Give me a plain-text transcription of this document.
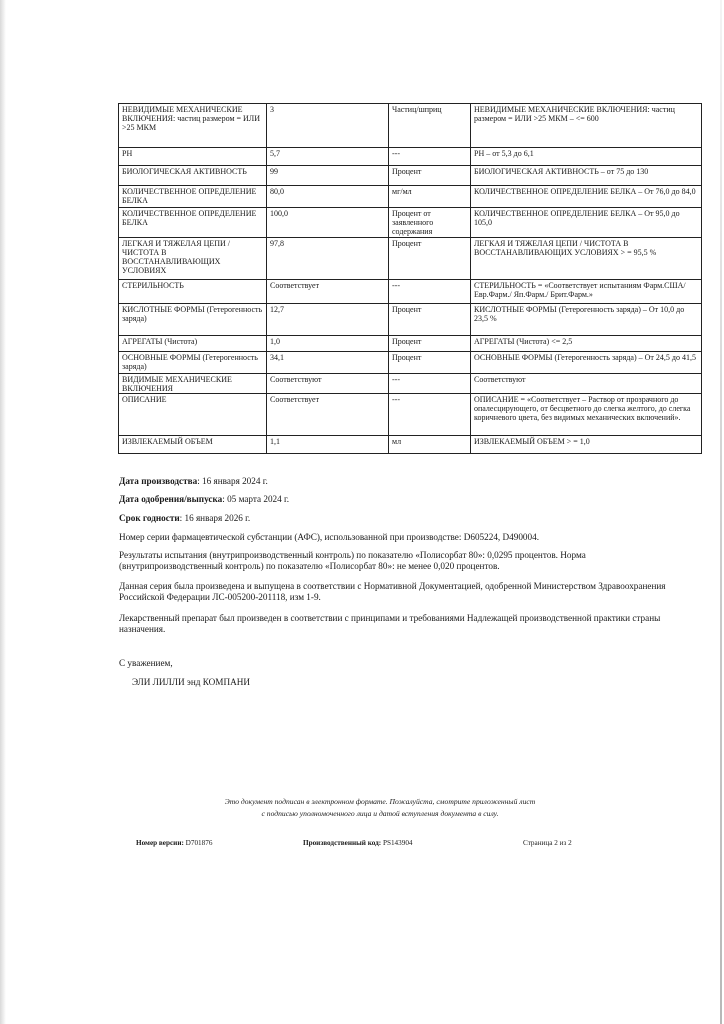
НЕВИДИМЫЕ МЕХАНИЧЕСКИЕ ВКЛЮЧЕНИЯ: частиц размером = ИЛИ >25 МКМ	3	Частиц/шприц	НЕВИДИМЫЕ МЕХАНИЧЕСКИЕ ВКЛЮЧЕНИЯ: частиц размером = ИЛИ >25 МКМ – <= 600
PH	5,7	---	PH – от 5,3 до 6,1
БИОЛОГИЧЕСКАЯ АКТИВНОСТЬ	99	Процент	БИОЛОГИЧЕСКАЯ АКТИВНОСТЬ – от 75 до 130
КОЛИЧЕСТВЕННОЕ ОПРЕДЕЛЕНИЕ БЕЛКА	80,0	мг/мл	КОЛИЧЕСТВЕННОЕ ОПРЕДЕЛЕНИЕ БЕЛКА – От 76,0 до 84,0
КОЛИЧЕСТВЕННОЕ ОПРЕДЕЛЕНИЕ БЕЛКА	100,0	Процент от заявленного содержания	КОЛИЧЕСТВЕННОЕ ОПРЕДЕЛЕНИЕ БЕЛКА – От 95,0 до 105,0
ЛЕГКАЯ И ТЯЖЕЛАЯ ЦЕПИ / ЧИСТОТА В ВОССТАНАВЛИВАЮЩИХ УСЛОВИЯХ	97,8	Процент	ЛЕГКАЯ И ТЯЖЕЛАЯ ЦЕПИ / ЧИСТОТА В ВОССТАНАВЛИВАЮЩИХ УСЛОВИЯХ > = 95,5 %
СТЕРИЛЬНОСТЬ	Соответствует	---	СТЕРИЛЬНОСТЬ = «Соответствует испытаниям Фарм.США/ Евр.Фарм./ Яп.Фарм./ Брит.Фарм.»
КИСЛОТНЫЕ ФОРМЫ (Гетерогенность заряда)	12,7	Процент	КИСЛОТНЫЕ ФОРМЫ (Гетерогенность заряда) – От 10,0 до 23,5 %
АГРЕГАТЫ (Чистота)	1,0	Процент	АГРЕГАТЫ (Чистота) <= 2,5
ОСНОВНЫЕ ФОРМЫ (Гетерогенность заряда)	34,1	Процент	ОСНОВНЫЕ ФОРМЫ (Гетерогенность заряда) – От 24,5 до 41,5
ВИДИМЫЕ МЕХАНИЧЕСКИЕ ВКЛЮЧЕНИЯ	Соответствуют	---	Соответствуют
ОПИСАНИЕ	Соответствует	---	ОПИСАНИЕ = «Соответствует – Раствор от прозрачного до опалесцирующего, от бесцветного до слегка желтого, до слегка коричневого цвета, без видимых механических включений».
ИЗВЛЕКАЕМЫЙ ОБЪЕМ	1,1	мл	ИЗВЛЕКАЕМЫЙ ОБЪЕМ > = 1,0
Дата производства: 16 января 2024 г.
Дата одобрения/выпуска: 05 марта 2024 г.
Срок годности: 16 января 2026 г.
Номер серии фармацевтической субстанции (АФС), использованной при производстве: D605224, D490004.
Результаты испытания (внутрипроизводственный контроль) по показателю «Полисорбат 80»: 0,0295 процентов. Норма (внутрипроизводственный контроль) по показателю «Полисорбат 80»: не менее 0,020 процентов.
Данная серия была произведена и выпущена в соответствии с Нормативной Документацией, одобренной Министерством Здравоохранения Российской Федерации ЛС-005200-201118, изм 1-9.
Лекарственный препарат был произведен в соответствии с принципами и требованиями Надлежащей производственной практики страны назначения.
С уважением,
ЭЛИ ЛИЛЛИ энд КОМПАНИ
Это документ подписан в электронном формате. Пожалуйста, смотрите приложенный лист
с подписью уполномоченного лица и датой вступления документа в силу.
Номер версии: D701876	Производственный код: PS143904	Страница 2 из 2
